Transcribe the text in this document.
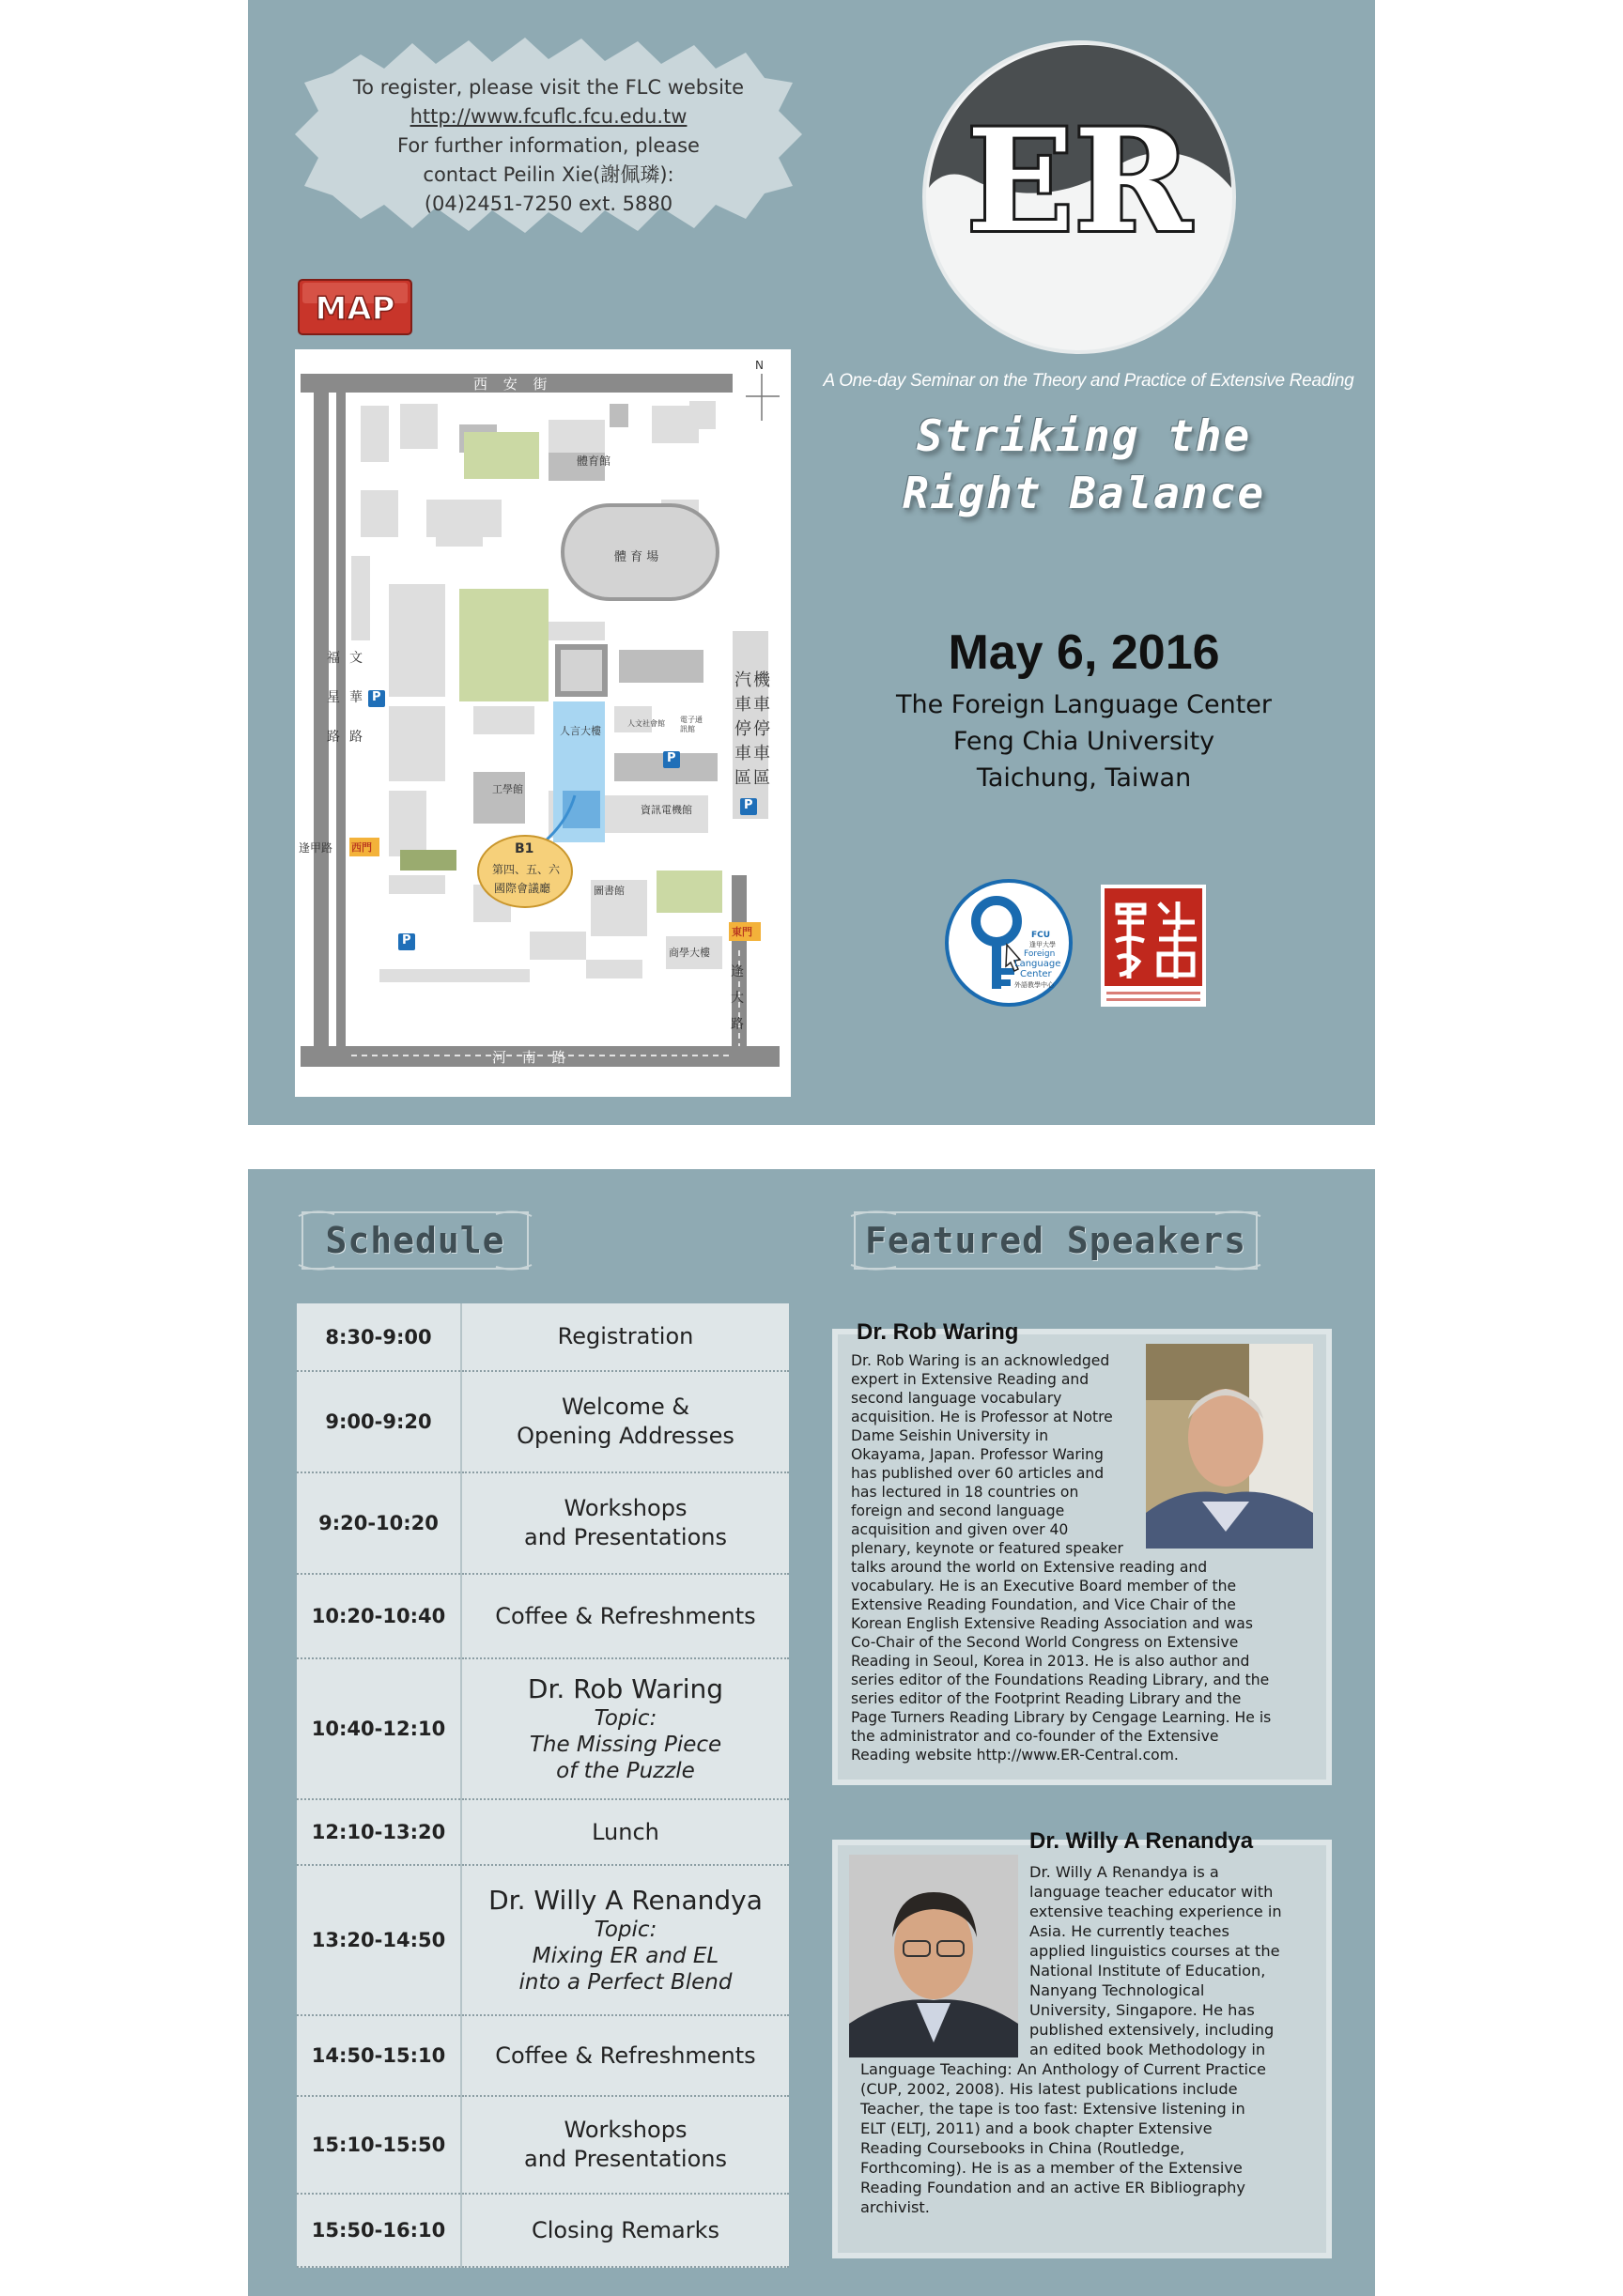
To register, please visit the FLC website
http://www.fcuflc.fcu.edu.tw
For further information, please
contact Peilin Xie(謝佩璘):
(04)2451-7250 ext. 5880	ER
A One-day Seminar on the Theory and Practice of Extensive Reading
Striking the
Right Balance
May 6, 2016
The Foreign Language Center
Feng Chia University
Taichung, Taiwan
FCU
逢甲大學
Foreign
Language
Center
外語教學中心
MAP
西 安 街
河 南 路
N
福
星
路
文
華
路
體育館
體 育 場
人言大樓
人文社會館 電子通訊館
工學館
資訊電機館
B1
第四、五、六
國際會議廳	圖書館
商學大樓
西門
東門
逢甲路
逢
大
路
汽車停車區
機車停車區
P
P
P
P
Schedule	Featured Speakers
8:30-9:00	Registration
9:00-9:20	Welcome &
Opening Addresses

9:20-10:20	Workshops
and Presentations

10:20-10:40	Coffee & Refreshments
10:40-12:10	Dr. Rob Waring
Topic:
The Missing Piece
of the Puzzle

12:10-13:20	Lunch
13:20-14:50	Dr. Willy A Renandya
Topic:
Mixing ER and EL
into a Perfect Blend

14:50-15:10	Coffee & Refreshments
15:10-15:50	Workshops
and Presentations

15:50-16:10	Closing Remarks
Dr. Rob Waring
Dr. Rob Waring is an acknowledged
expert in Extensive Reading and
second language vocabulary
acquisition. He is Professor at Notre
Dame Seishin University in
Okayama, Japan. Professor Waring
has published over 60 articles and
has lectured in 18 countries on
foreign and second language
acquisition and given over 40
plenary, keynote or featured speaker
talks around the world on Extensive reading and
vocabulary. He is an Executive Board member of the
Extensive Reading Foundation, and Vice Chair of the
Korean English Extensive Reading Association and was
Co-Chair of the Second World Congress on Extensive
Reading in Seoul, Korea in 2013. He is also author and
series editor of the Foundations Reading Library, and the
series editor of the Footprint Reading Library and the
Page Turners Reading Library by Cengage Learning. He is
the administrator and co-founder of the Extensive
Reading website http://www.ER-Central.com.
Dr. Willy A Renandya
Dr. Willy A Renandya is a
language teacher educator with
extensive teaching experience in
Asia. He currently teaches
applied linguistics courses at the
National Institute of Education,
Nanyang Technological
University, Singapore. He has
published extensively, including
an edited book Methodology in
Language Teaching: An Anthology of Current Practice
(CUP, 2002, 2008). His latest publications include
Teacher, the tape is too fast: Extensive listening in
ELT (ELTJ, 2011) and a book chapter Extensive
Reading Coursebooks in China (Routledge,
Forthcoming). He is as a member of the Extensive
Reading Foundation and an active ER Bibliography
archivist.
